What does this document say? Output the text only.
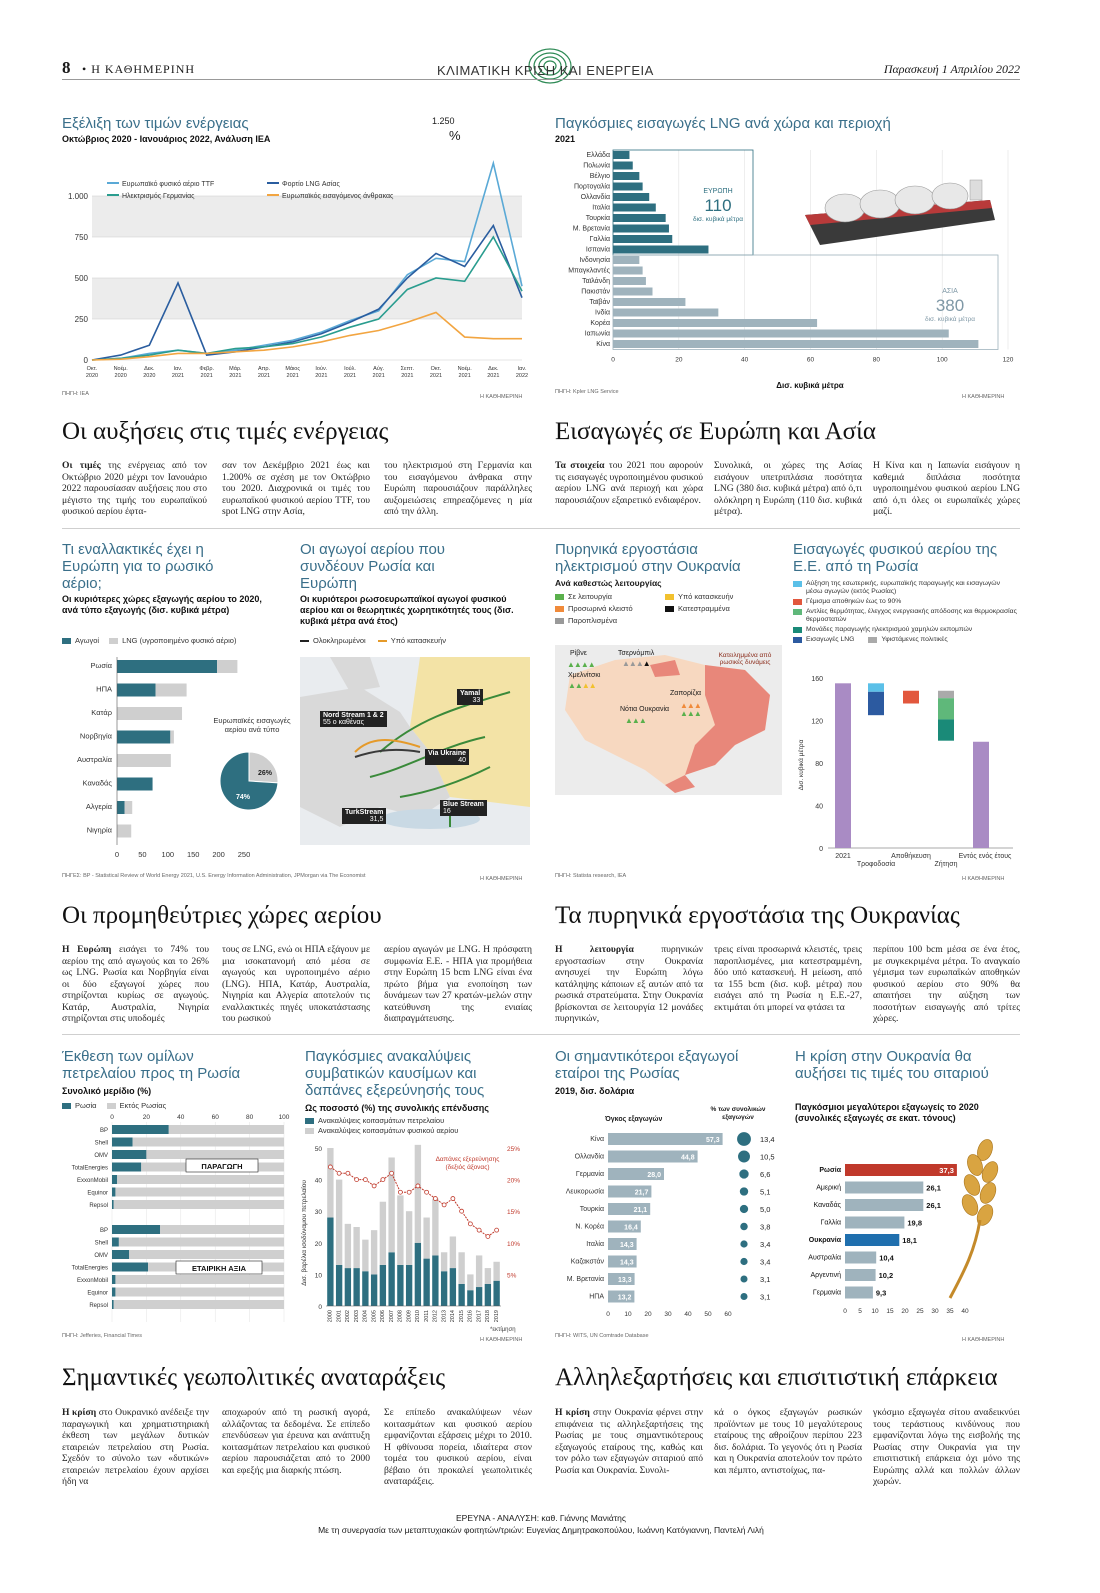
8 • Η ΚΑΘΗΜΕΡΙΝΗ	ΚΛΙΜΑΤΙΚΗ ΚΡΙΣΗ ΚΑΙ ΕΝΕΡΓΕΙΑ	Παρασκευή 1 Απριλίου 2022
Εξέλιξη των τιμών ενέργειας
Οκτώβριος 2020 - Ιανουάριος 2022, Ανάλυση IEA
1.250
%
0
250
500
750
1.000
Οκτ.
2020
Νοέμ.
2020
Δεκ.
2020
Ιαν.
2021
Φεβρ.
2021
Μάρ.
2021
Απρ.
2021
Μάιος
2021
Ιούν.
2021
Ιούλ.
2021
Αύγ.
2021
Σεπτ.
2021
Οκτ.
2021
Νοέμ.
2021
Δεκ.
2021
Ιαν.
2022
Ευρωπαϊκό φυσικό αέριο TTF	Φορτίο LNG Ασίας
Ηλεκτρισμός Γερμανίας	Ευρωπαϊκός εισαγόμενος άνθρακας
ΠΗΓΗ: IEA	Η ΚΑΘΗΜΕΡΙΝΗ
Παγκόσμιες εισαγωγές LNG ανά χώρα και περιοχή
2021
0	20	40	60	80	100	120
Ελλάδα
Πολωνία
Βέλγιο
Πορτογαλία
Ολλανδία
Ιταλία
Τουρκία
Μ. Βρετανία
Γαλλία
Ισπανία
Ινδονησία
Μπαγκλαντές
Ταϊλάνδη
Πακιστάν
Ταϊβάν
Ινδία
Κορέα
Ιαπωνία
Κίνα
ΕΥΡΩΠΗ
110
δισ. κυβικά μέτρα
ΑΣΙΑ
380
δισ. κυβικά μέτρα
Δισ. κυβικά μέτρα
ΠΗΓΗ: Kpler LNG Service
Η ΚΑΘΗΜΕΡΙΝΗ
Οι αυξήσεις στις τιμές ενέργειας
Οι τιμές της ενέργειας από τον Οκτώβριο 2020 μέχρι τον Ιανουάριο 2022 παρουσίασαν αυξήσεις που στο μέγιστο της τιμής του ευρωπαϊκού φυσικού αερίου έφτα-
σαν τον Δεκέμβριο 2021 έως και 1.200% σε σχέση με τον Οκτώβριο του 2020. Διαχρονικά οι τιμές του ευρωπαϊκού φυσικού αερίου TTF, του spot LNG στην Ασία,
του ηλεκτρισμού στη Γερμανία και του εισαγόμενου άνθρακα στην Ευρώπη παρουσιάζουν παράλληλες αυξομειώσεις επηρεαζόμενες η μία από την άλλη.
Εισαγωγές σε Ευρώπη και Ασία
Τα στοιχεία του 2021 που αφορούν τις εισαγωγές υγροποιημένου φυσικού αερίου LNG ανά περιοχή και χώρα παρουσιάζουν εξαιρετικό ενδιαφέρον.
Συνολικά, οι χώρες της Ασίας εισάγουν υπετριπλάσια ποσότητα LNG (380 δισ. κυβικά μέτρα) από ό,τι ολόκληρη η Ευρώπη (110 δισ. κυβικά μέτρα).
Η Κίνα και η Ιαπωνία εισάγουν η καθεμιά διπλάσια ποσότητα υγροποιημένου φυσικού αερίου LNG από ό,τι όλες οι ευρωπαϊκές χώρες μαζί.
Τι εναλλακτικές έχει η Ευρώπη για το ρωσικό αέριο;
Οι κυριότερες χώρες εξαγωγής αερίου το 2020, ανά τύπο εξαγωγής (δισ. κυβικά μέτρα)
Αγωγοί	LNG (υγροποιημένο φυσικό αέριο)
Ρωσία
ΗΠΑ
Κατάρ
Νορβηγία
Αυστραλία
Καναδάς
Αλγερία
Νιγηρία
0	50 100 150 200 250
Ευρωπαϊκές εισαγωγές αερίου ανά τύπο
26%
74%
Οι αγωγοί αερίου που συνδέουν Ρωσία και Ευρώπη
Οι κυριότεροι ρωσοευρωπαϊκοί αγωγοί φυσικού αερίου και οι θεωρητικές χωρητικότητές τους (δισ. κυβικά μέτρα ανά έτος)
Ολοκληρωμένοι	Υπό κατασκευήν
Yamal
33
Nord Stream 1 & 2
55 ο καθένας
Via Ukraine
40
Blue Stream
16
TurkStream
31,5
ΠΗΓΕΣ: BP - Statistical Review of World Energy 2021, U.S. Energy Information Administration, JPMorgan via The Economist	Η ΚΑΘΗΜΕΡΙΝΗ
Πυρηνικά εργοστάσια ηλεκτρισμού στην Ουκρανία
Ανά καθεστώς λειτουργίας
Σε λειτουργία	Υπό κατασκευήν
Προσωρινά κλειστό	Κατεστραμμένα
Παροπλισμένα
Κατειλημμένα από ρωσικές δυνάμεις
Ρίβνε
▲▲▲▲
Τσερνόμπιλ
▲▲▲▲
Χμελνίτσκι
▲▲▲▲
Ζαπορίζια
Νότια Ουκρανία
▲▲▲
▲▲▲
▲▲▲
ΠΗΓΗ: Statista research, IEA
Εισαγωγές φυσικού αερίου της Ε.Ε. από τη Ρωσία
Αύξηση της εσωτερικής, ευρωπαϊκής παραγωγής και εισαγωγών μέσω αγωγών (εκτός Ρωσίας)
Γέμισμα αποθηκών έως το 90%
Αντλίες θερμότητας, έλεγχος ενεργειακής απόδοσης και θερμοκρασίας θερμοστατών
Μονάδες παραγωγής ηλεκτρισμού χαμηλών εκπομπών
Εισαγωγές LNG	Υφιστάμενες πολιτικές
0
40
80
120
160
Δισ. κυβικά μέτρα
2021
Τροφοδοσία
Αποθήκευση
Ζήτηση
Εντός ενός έτους
Η ΚΑΘΗΜΕΡΙΝΗ
Οι προμηθεύτριες χώρες αερίου
Η Ευρώπη εισάγει το 74% του αερίου της από αγωγούς και το 26% ως LNG. Ρωσία και Νορβηγία είναι οι δύο εξαγωγοί χώρες που στηρίζονται κυρίως σε αγωγούς. Κατάρ, Αυστραλία, Νιγηρία στηρίζονται στις υποδομές
τους σε LNG, ενώ οι ΗΠΑ εξάγουν με μια ισοκατανομή από μέσα σε αγωγούς και υγροποιημένο αέριο (LNG). ΗΠΑ, Κατάρ, Αυστραλία, Νιγηρία και Αλγερία αποτελούν τις εναλλακτικές πηγές υποκατάστασης του ρωσικού
αερίου αγωγών με LNG. Η πρόσφατη συμφωνία Ε.Ε. - ΗΠΑ για προμήθεια στην Ευρώπη 15 bcm LNG είναι ένα πρώτο βήμα για ενοποίηση των δυνάμεων των 27 κρατών-μελών στην κατεύθυνση της ενιαίας διαπραγμάτευσης.
Τα πυρηνικά εργοστάσια της Ουκρανίας
Η λειτουργία πυρηνικών εργοστασίων στην Ουκρανία ανησυχεί την Ευρώπη λόγω κατάληψης κάποιων εξ αυτών από τα ρωσικά στρατεύματα. Στην Ουκρανία βρίσκονται σε λειτουργία 12 μονάδες πυρηνικών,
τρεις είναι προσωρινά κλειστές, τρεις παροπλισμένες, μια κατεστραμμένη, δύο υπό κατασκευή. Η μείωση, από τα 155 bcm (δισ. κυβ. μέτρα) που εισάγει από τη Ρωσία η Ε.Ε.-27, εκτιμάται ότι μπορεί να φτάσει τα
περίπου 100 bcm μέσα σε ένα έτος, με συγκεκριμένα μέτρα. Το αναγκαίο γέμισμα των ευρωπαϊκών αποθηκών φυσικού αερίου στο 90% θα απαιτήσει την αύξηση των ποσοτήτων εισαγωγής από τρίτες χώρες.
Έκθεση των ομίλων πετρελαίου προς τη Ρωσία
Συνολικό μερίδιο (%)
Ρωσία	Εκτός Ρωσίας
0	20	40	60	80	100
BP
Shell
OMV
TotalEnergies
ExxonMobil
Equinor
Repsol
BP
Shell
OMV
TotalEnergies
ExxonMobil
Equinor
Repsol
ΠΑΡΑΓΩΓΗ
ΕΤΑΙΡΙΚΗ ΑΞΙΑ
ΠΗΓΗ: Jefferies, Financial Times
Παγκόσμιες ανακαλύψεις συμβατικών καυσίμων και δαπάνες εξερεύνησής τους
Ως ποσοστό (%) της συνολικής επένδυσης
Ανακαλύψεις κοιτασμάτων πετρελαίου
Ανακαλύψεις κοιτασμάτων φυσικού αερίου
0
10
20
30
40
50
5%
10%
15%
20%
25%
Δισ. βαρέλια ισοδύναμου πετρελαίου
2000 2001 2002 2003 2004 2005 2006 2007 2008 2009 2010 2011 2012 2013 2014 2015 2016 2017 2018 2019
Δαπάνες εξερεύνησης (δεξιός άξονας)
*εκτίμηση
Η ΚΑΘΗΜΕΡΙΝΗ
Οι σημαντικότεροι εξαγωγοί εταίροι της Ρωσίας
2019, δισ. δολάρια
Όγκος εξαγωγών
% των συνολικών εξαγωγών
Κίνα	57,3	13,4
Ολλανδία	44,8	10,5
Γερμανία	28,0	6,6
Λευκορωσία	21,7	5,1
Τουρκία	21,1	5,0
Ν. Κορέα	16,4	3,8
Ιταλία 14,3	3,4
Καζακστάν 14,3	3,4
Μ. Βρετανία 13,3	3,1
ΗΠΑ 13,2	3,1
0 10 20 30 40 50 60
ΠΗΓΗ: WITS, UN Comtrade Database
Η κρίση στην Ουκρανία θα αυξήσει τις τιμές του σιταριού
Παγκόσμιοι μεγαλύτεροι εξαγωγείς το 2020 (συνολικές εξαγωγές σε εκατ. τόνους)
Ρωσία	37,3
Αμερική	26,1
Καναδάς	26,1
Γαλλία	19,8
Ουκρανία	18,1
Αυστραλία	10,4
Αργεντινή	10,2
Γερμανία	9,3
0 5 10 15 20 25 30 35 40
Η ΚΑΘΗΜΕΡΙΝΗ
Σημαντικές γεωπολιτικές αναταράξεις
Η κρίση στο Ουκρανικό ανέδειξε την παραγωγική και χρηματιστηριακή έκθεση των μεγάλων δυτικών εταιρειών πετρελαίου στη Ρωσία. Σχεδόν το σύνολο των «δυτικών» εταιρειών πετρελαίου έχουν αρχίσει ήδη να
αποχωρούν από τη ρωσική αγορά, αλλάζοντας τα δεδομένα. Σε επίπεδο επενδύσεων για έρευνα και ανάπτυξη κοιτασμάτων πετρελαίου και φυσικού αερίου παρουσιάζεται από το 2000 και εφεξής μια διαρκής πτώση.
Σε επίπεδο ανακαλύψεων νέων κοιτασμάτων και φυσικού αερίου εμφανίζονται εξάρσεις μέχρι το 2010. Η φθίνουσα πορεία, ιδιαίτερα στον τομέα του φυσικού αερίου, είναι βέβαιο ότι προκαλεί γεωπολιτικές αναταράξεις.
Αλληλεξαρτήσεις και επισιτιστική επάρκεια
Η κρίση στην Ουκρανία φέρνει στην επιφάνεια τις αλληλεξαρτήσεις της Ρωσίας με τους σημαντικότερους εξαγωγούς εταίρους της, καθώς και τον ρόλο των εξαγωγών σιταριού από Ρωσία και Ουκρανία. Συνολι-
κά ο όγκος εξαγωγών ρωσικών προϊόντων με τους 10 μεγαλύτερους εταίρους της αθροίζουν περίπου 223 δισ. δολάρια. Το γεγονός ότι η Ρωσία και η Ουκρανία αποτελούν τον πρώτο και πέμπτο, αντιστοίχως, πα-
γκόσμιο εξαγωγέα σίτου αναδεικνύει τους τεράστιους κινδύνους που εμφανίζονται λόγω της εισβολής της Ρωσίας στην Ουκρανία για την επισιτιστική επάρκεια όχι μόνο της Ευρώπης αλλά και πολλών άλλων χωρών.
ΕΡΕΥΝΑ - ΑΝΑΛΥΣΗ: καθ. Γιάννης Μανιάτης
Με τη συνεργασία των μεταπτυχιακών φοιτητών/τριών: Ευγενίας Δημητρακοπούλου, Ιωάννη Κατόγιαννη, Παντελή Λιλή
